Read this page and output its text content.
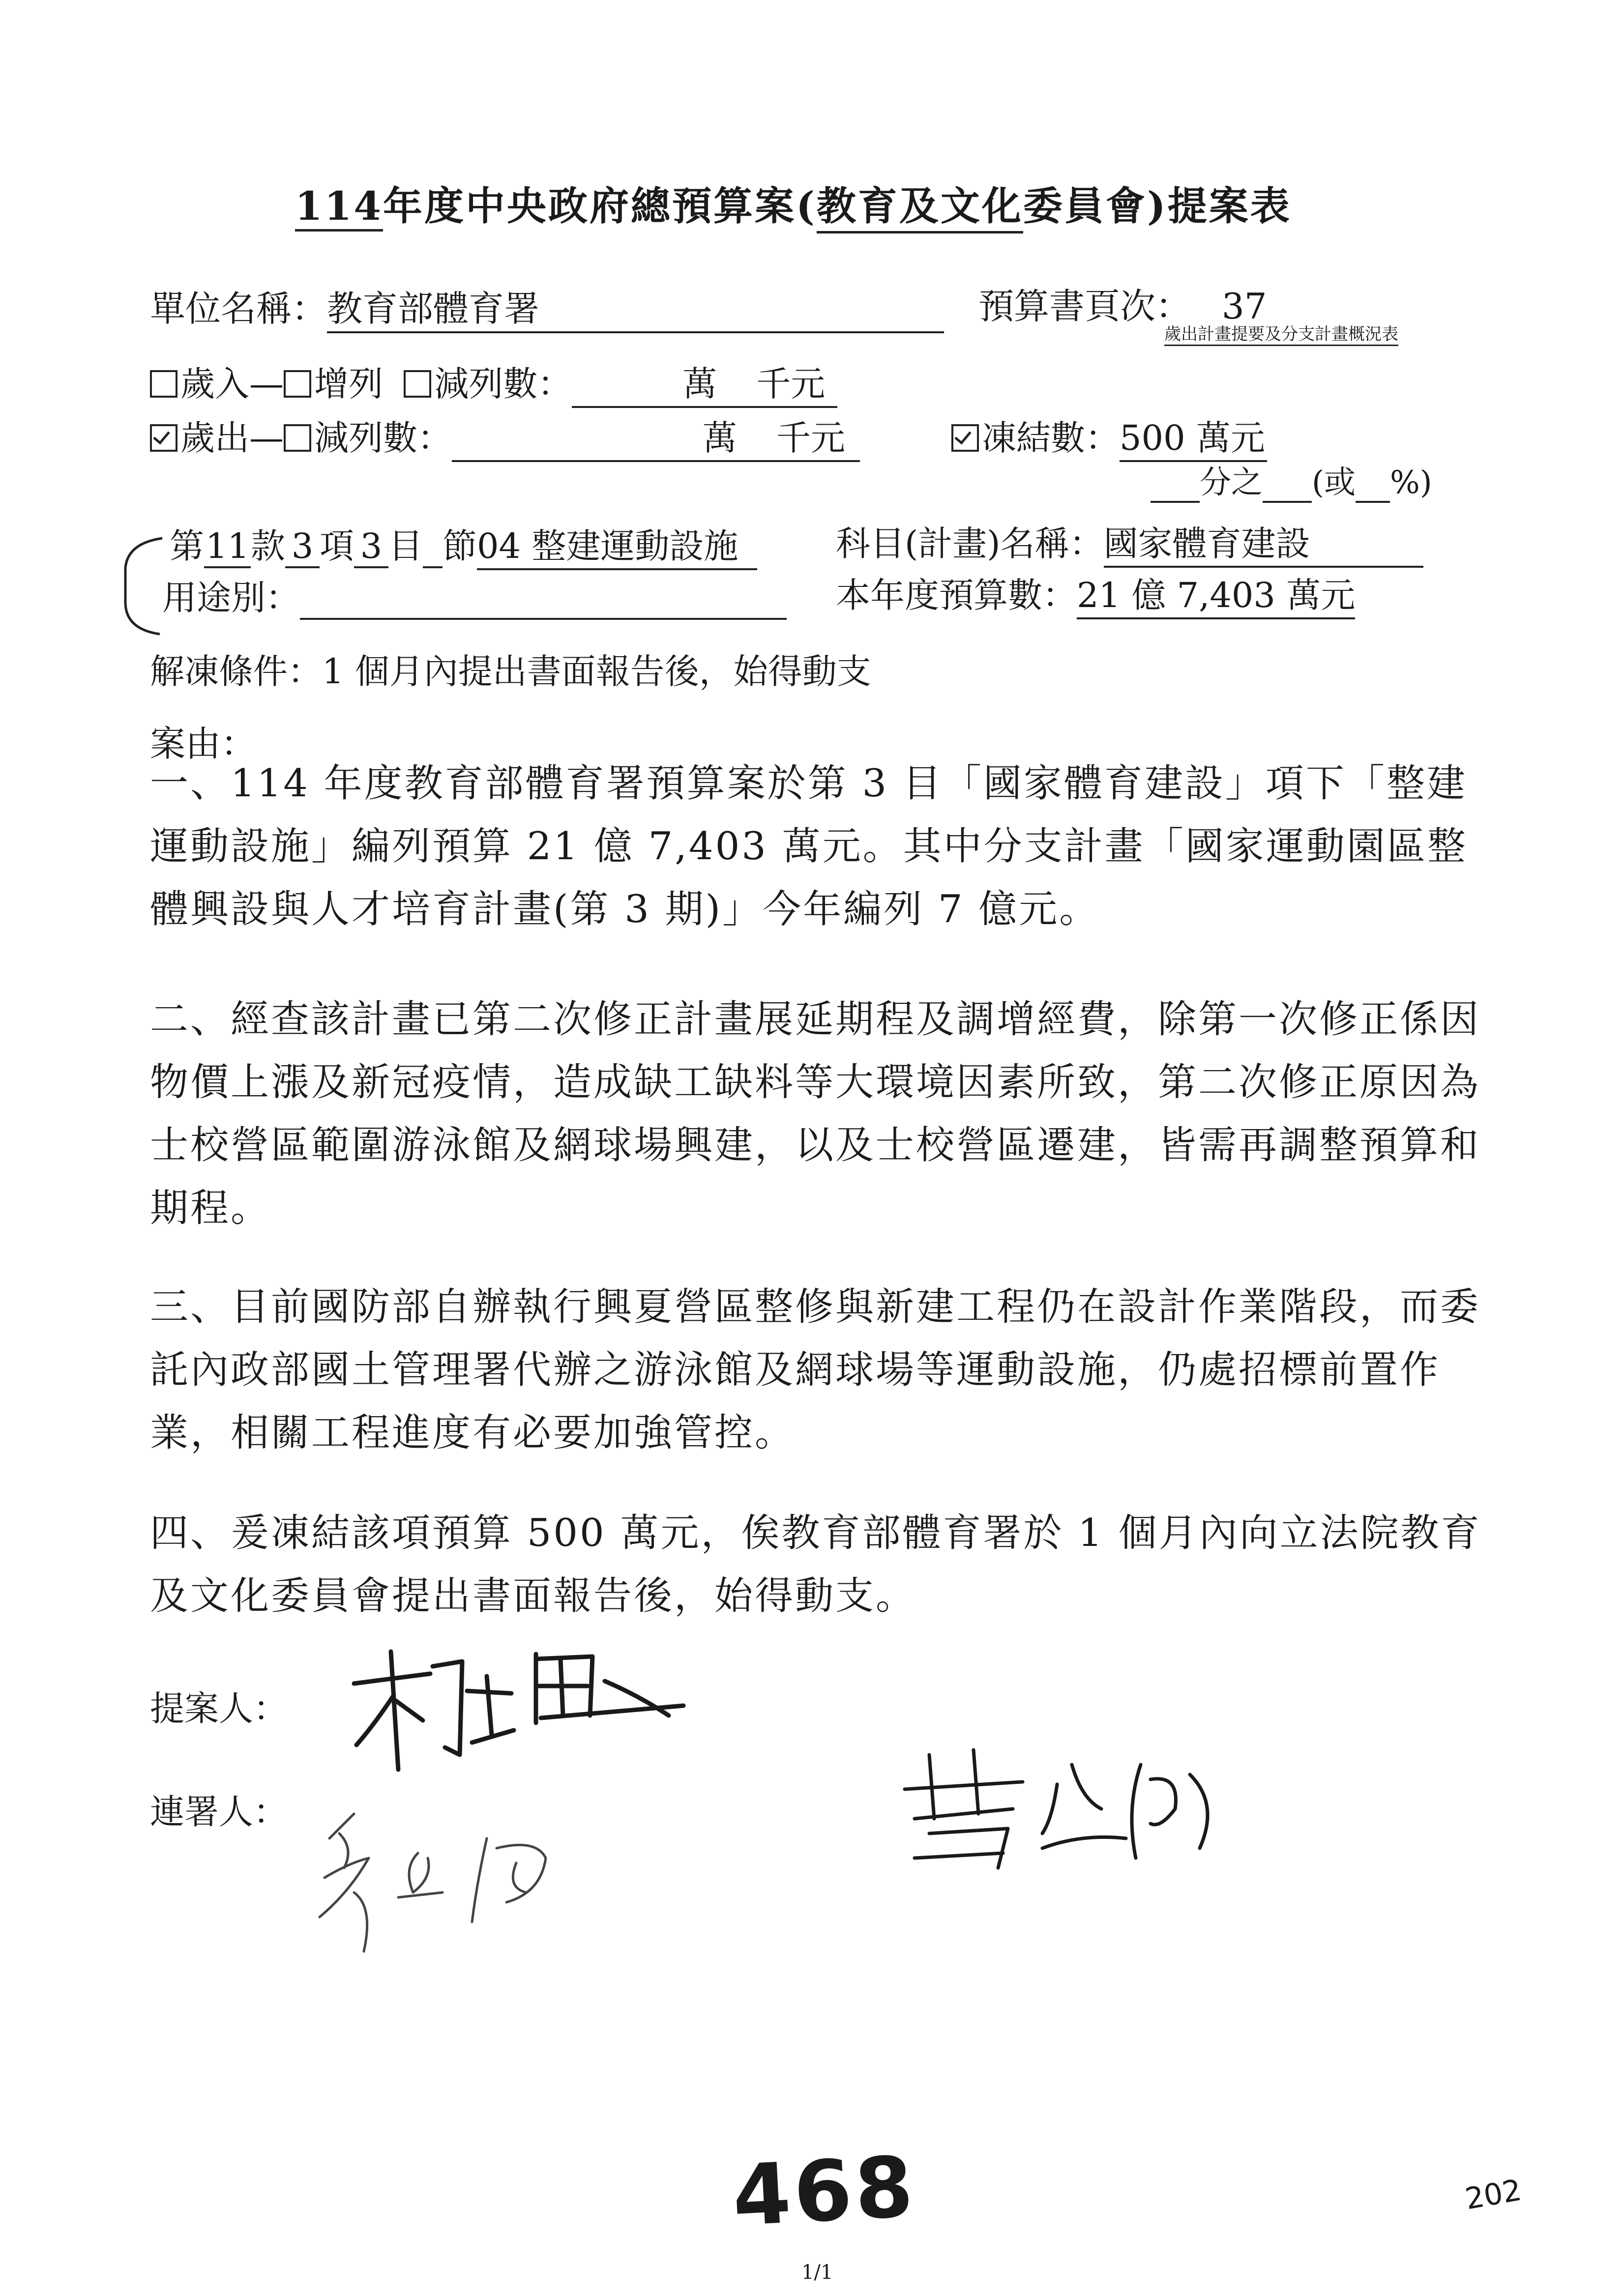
114年度中央政府總預算案(教育及文化委員會)提案表
單位名稱：教育部體育署	預算書頁次： 37
歲出計畫提要及分支計畫概況表
歲入— 增列 減列數：	萬 千元
歲出— 減列數：	萬 千元	凍結數：500 萬元
分之 (或 %)
第11款 3 項 3 目 節04 整建運動設施	科目(計畫)名稱：國家體育建設
用途別：	本年度預算數：21 億 7,403 萬元
解凍條件：1 個月內提出書面報告後，始得動支
案由：
一、114 年度教育部體育署預算案於第 3 目「國家體育建設」項下「整建運動設施」編列預算 21 億 7,403 萬元。其中分支計畫「國家運動園區整體興設與人才培育計畫(第 3 期)」今年編列 7 億元。
二、經查該計畫已第二次修正計畫展延期程及調增經費，除第一次修正係因物價上漲及新冠疫情，造成缺工缺料等大環境因素所致，第二次修正原因為士校營區範圍游泳館及網球場興建，以及士校營區遷建，皆需再調整預算和期程。
三、目前國防部自辦執行興夏營區整修與新建工程仍在設計作業階段，而委託內政部國土管理署代辦之游泳館及網球場等運動設施，仍處招標前置作業，相關工程進度有必要加強管控。
四、爰凍結該項預算 500 萬元，俟教育部體育署於 1 個月內向立法院教育及文化委員會提出書面報告後，始得動支。
提案人：
連署人：
468	202
1/1
